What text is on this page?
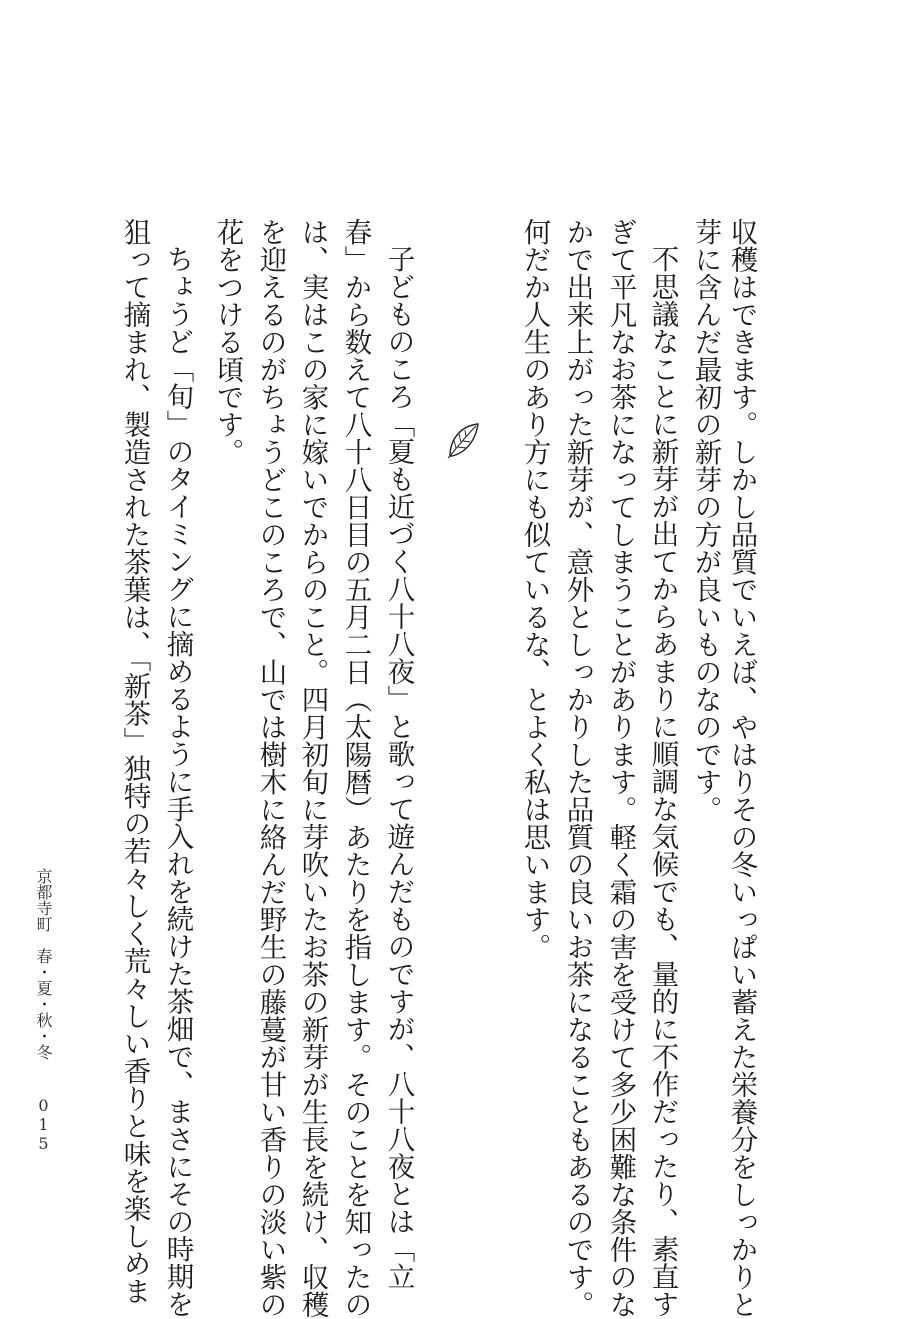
収穫はできます。しかし品質でいえば、やはりその冬いっぱい蓄えた栄養分をしっかりと
芽に含んだ最初の新芽の方が良いものなのです。
不思議なことに新芽が出てからあまりに順調な気候でも、量的に不作だったり、素直す
ぎて平凡なお茶になってしまうことがあります。軽く霜の害を受けて多少困難な条件のな
かで出来上がった新芽が、意外としっかりした品質の良いお茶になることもあるのです。
何だか人生のあり方にも似ているな、とよく私は思います。
子どものころ「夏も近づく八十八夜」と歌って遊んだものですが、八十八夜とは「立
春」から数えて八十八日目の五月二日（太陽暦）あたりを指します。そのことを知ったの
は、実はこの家に嫁いでからのこと。四月初旬に芽吹いたお茶の新芽が生長を続け、収穫
を迎えるのがちょうどこのころで、山では樹木に絡んだ野生の藤蔓が甘い香りの淡い紫の
花をつける頃です。
ちょうど「旬」のタイミングに摘めるように手入れを続けた茶畑で、まさにその時期を
狙って摘まれ、製造された茶葉は、「新茶」独特の若々しく荒々しい香りと味を楽しめま
京都寺町　春・夏・秋・冬
015
